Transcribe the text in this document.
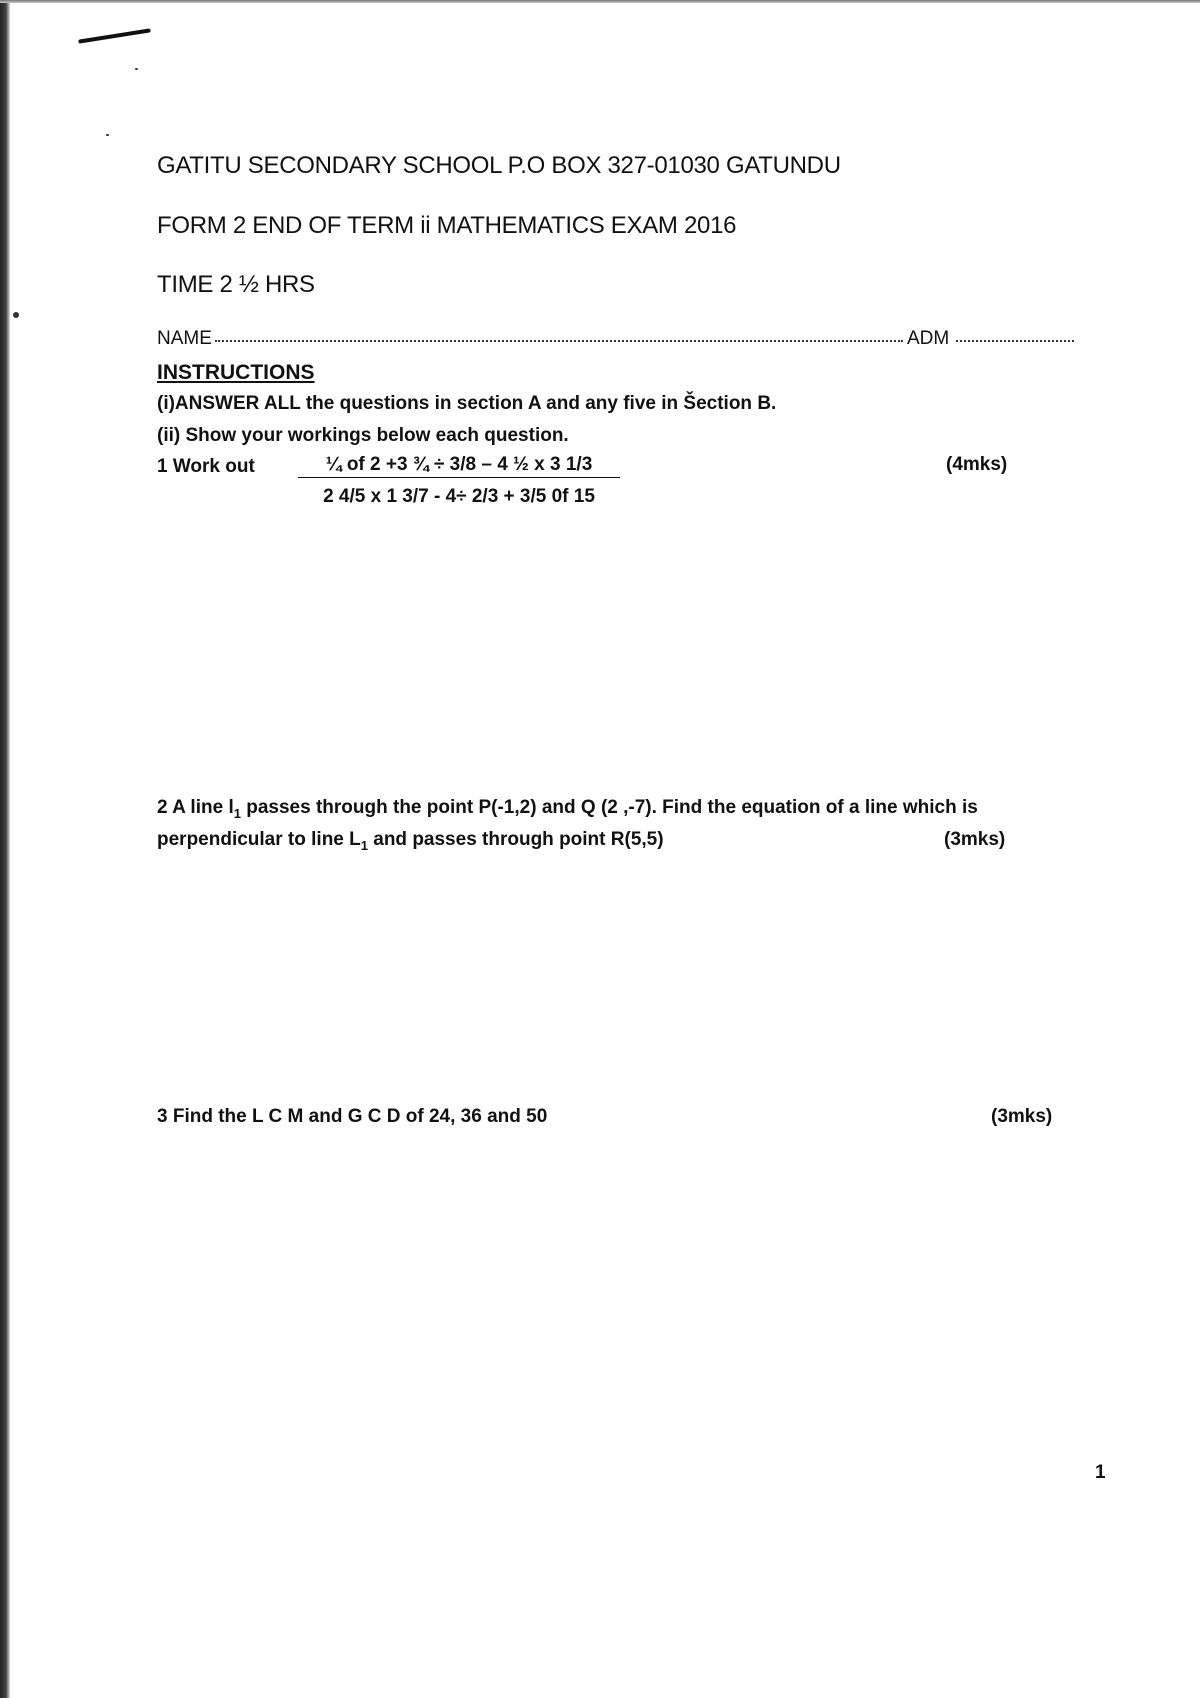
GATITU SECONDARY SCHOOL P.O BOX 327-01030 GATUNDU
FORM 2 END OF TERM ii MATHEMATICS EXAM 2016
TIME 2 ½ HRS
NAME	ADM
INSTRUCTIONS
(i)ANSWER ALL the questions in section A and any five in Šection B.
(ii) Show your workings below each question.
1 Work out	¼ of 2 +3 ¾ ÷ 3/8 – 4 ½ x 3 1/3
2 4/5 x 1 3/7 - 4÷ 2/3 + 3/5 0f 15
(4mks)
2 A line $l_1$ passes through the point P(-1,2) and Q (2 ,-7). Find the equation of a line which is
perpendicular to line $L_1$ and passes through point R(5,5)	(3mks)
3 Find the L C M and G C D of 24, 36 and 50	(3mks)
1
